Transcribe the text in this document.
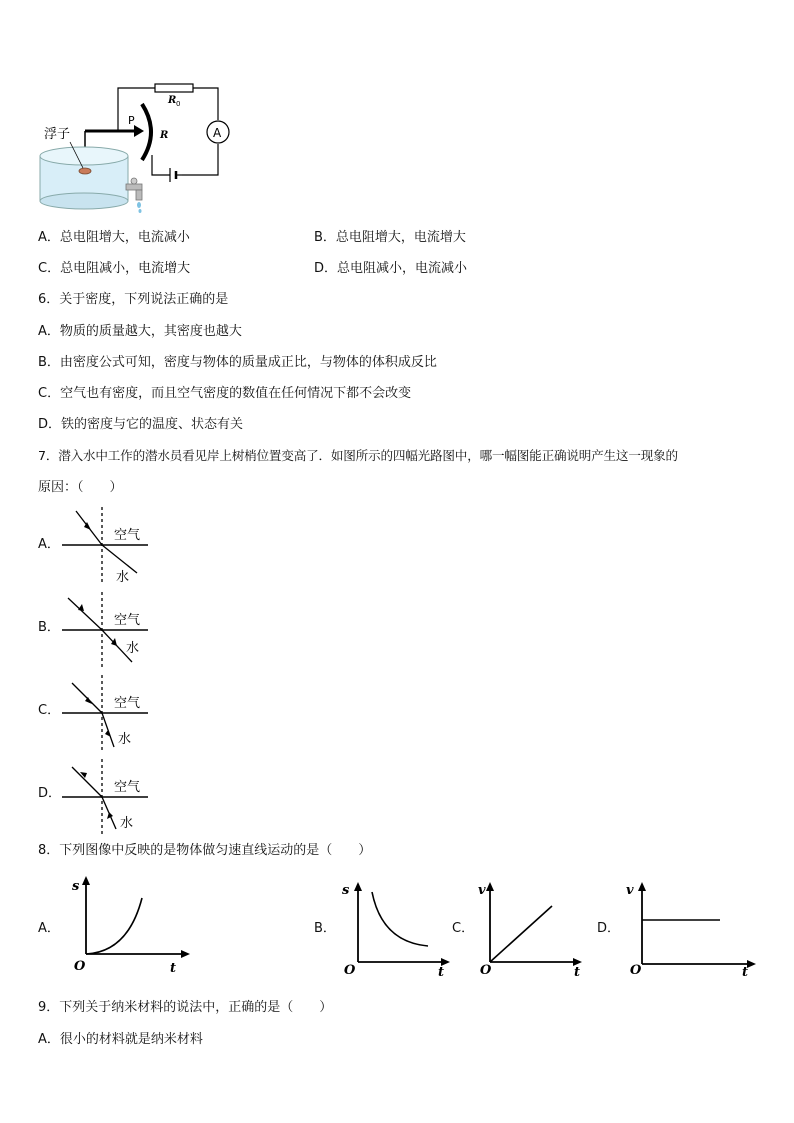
R 0
A
R
P
浮子
A．总电阻增大，电流减小	B．总电阻增大，电流增大
C．总电阻减小，电流增大	D．总电阻减小，电流减小
6．关于密度，下列说法正确的是
A．物质的质量越大，其密度也越大
B．由密度公式可知，密度与物体的质量成正比，与物体的体积成反比
C．空气也有密度，而且空气密度的数值在任何情况下都不会改变
D．铁的密度与它的温度、状态有关
7．潜入水中工作的潜水员看见岸上树梢位置变高了．如图所示的四幅光路图中，哪一幅图能正确说明产生这一现象的
原因：（　　）
A．
空气
水
B．	空气
水
C．	空气
水
D．	空气
水
8．下列图像中反映的是物体做匀速直线运动的是（　　）
A．
s
O	t
B．
s
O	t
C．
v
O	t
D．
v
O	t
9．下列关于纳米材料的说法中，正确的是（　　）
A．很小的材料就是纳米材料
